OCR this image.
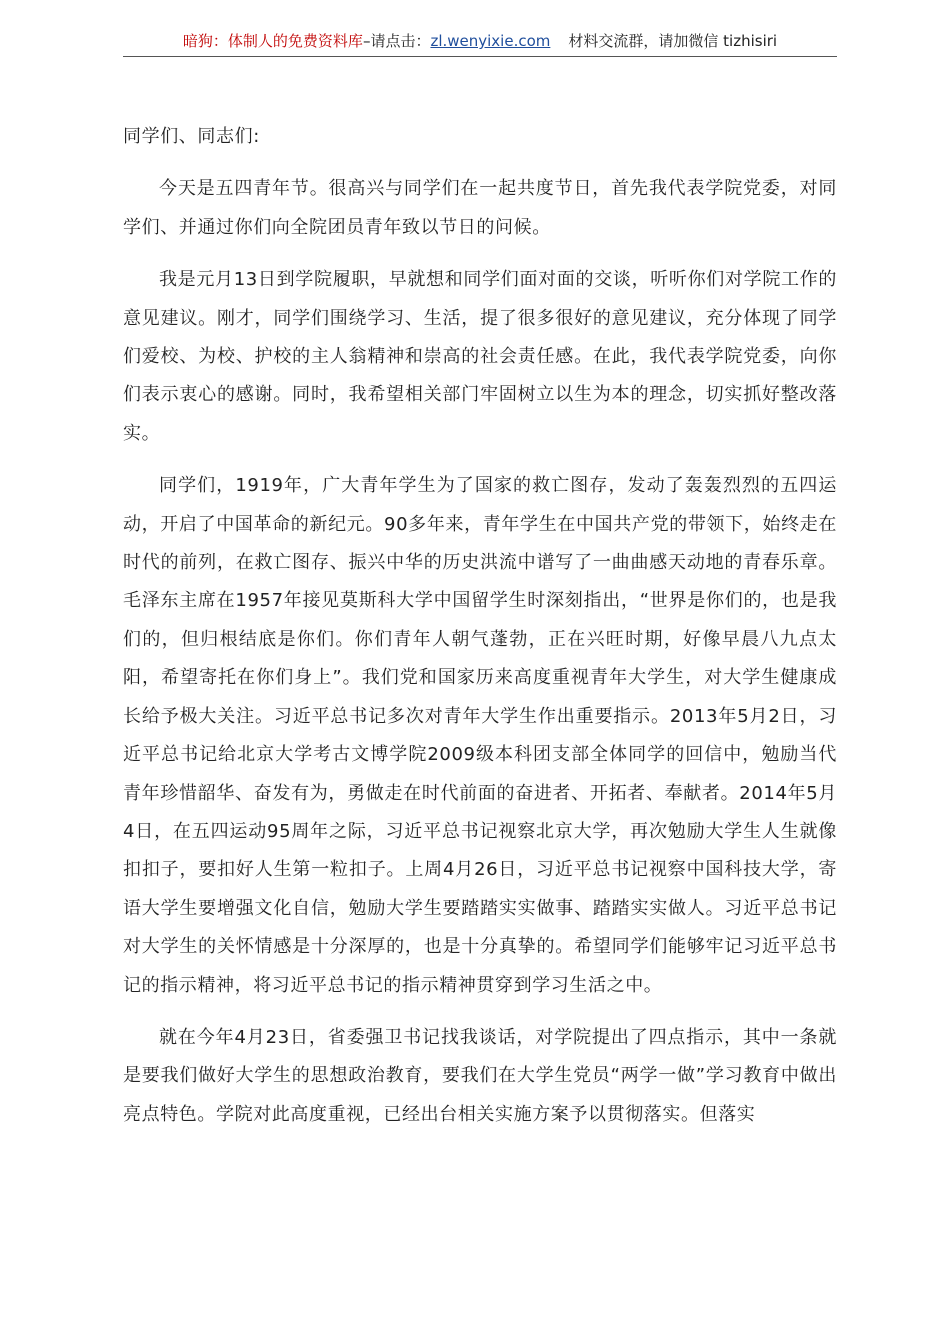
暗狗：体制人的免费资料库–请点击：zl.wenyixie.com 材料交流群，请加微信 tizhisiri

同学们、同志们:

今天是五四青年节。很高兴与同学们在一起共度节日，首先我代表学院党委，对同学们、并通过你们向全院团员青年致以节日的问候。

我是元月13日到学院履职，早就想和同学们面对面的交谈，听听你们对学院工作的意见建议。刚才，同学们围绕学习、生活，提了很多很好的意见建议，充分体现了同学们爱校、为校、护校的主人翁精神和崇高的社会责任感。在此，我代表学院党委，向你们表示衷心的感谢。同时，我希望相关部门牢固树立以生为本的理念，切实抓好整改落实。

同学们，1919年，广大青年学生为了国家的救亡图存，发动了轰轰烈烈的五四运动，开启了中国革命的新纪元。90多年来，青年学生在中国共产党的带领下，始终走在时代的前列，在救亡图存、振兴中华的历史洪流中谱写了一曲曲感天动地的青春乐章。毛泽东主席在1957年接见莫斯科大学中国留学生时深刻指出，“世界是你们的，也是我们的，但归根结底是你们。你们青年人朝气蓬勃，正在兴旺时期，好像早晨八九点太阳，希望寄托在你们身上”。我们党和国家历来高度重视青年大学生，对大学生健康成长给予极大关注。习近平总书记多次对青年大学生作出重要指示。2013年5月2日，习近平总书记给北京大学考古文博学院2009级本科团支部全体同学的回信中，勉励当代青年珍惜韶华、奋发有为，勇做走在时代前面的奋进者、开拓者、奉献者。2014年5月4日，在五四运动95周年之际，习近平总书记视察北京大学，再次勉励大学生人生就像扣扣子，要扣好人生第一粒扣子。上周4月26日，习近平总书记视察中国科技大学，寄语大学生要增强文化自信，勉励大学生要踏踏实实做事、踏踏实实做人。习近平总书记对大学生的关怀情感是十分深厚的，也是十分真挚的。希望同学们能够牢记习近平总书记的指示精神，将习近平总书记的指示精神贯穿到学习生活之中。

就在今年4月23日，省委强卫书记找我谈话，对学院提出了四点指示，其中一条就是要我们做好大学生的思想政治教育，要我们在大学生党员“两学一做”学习教育中做出亮点特色。学院对此高度重视，已经出台相关实施方案予以贯彻落实。但落实
